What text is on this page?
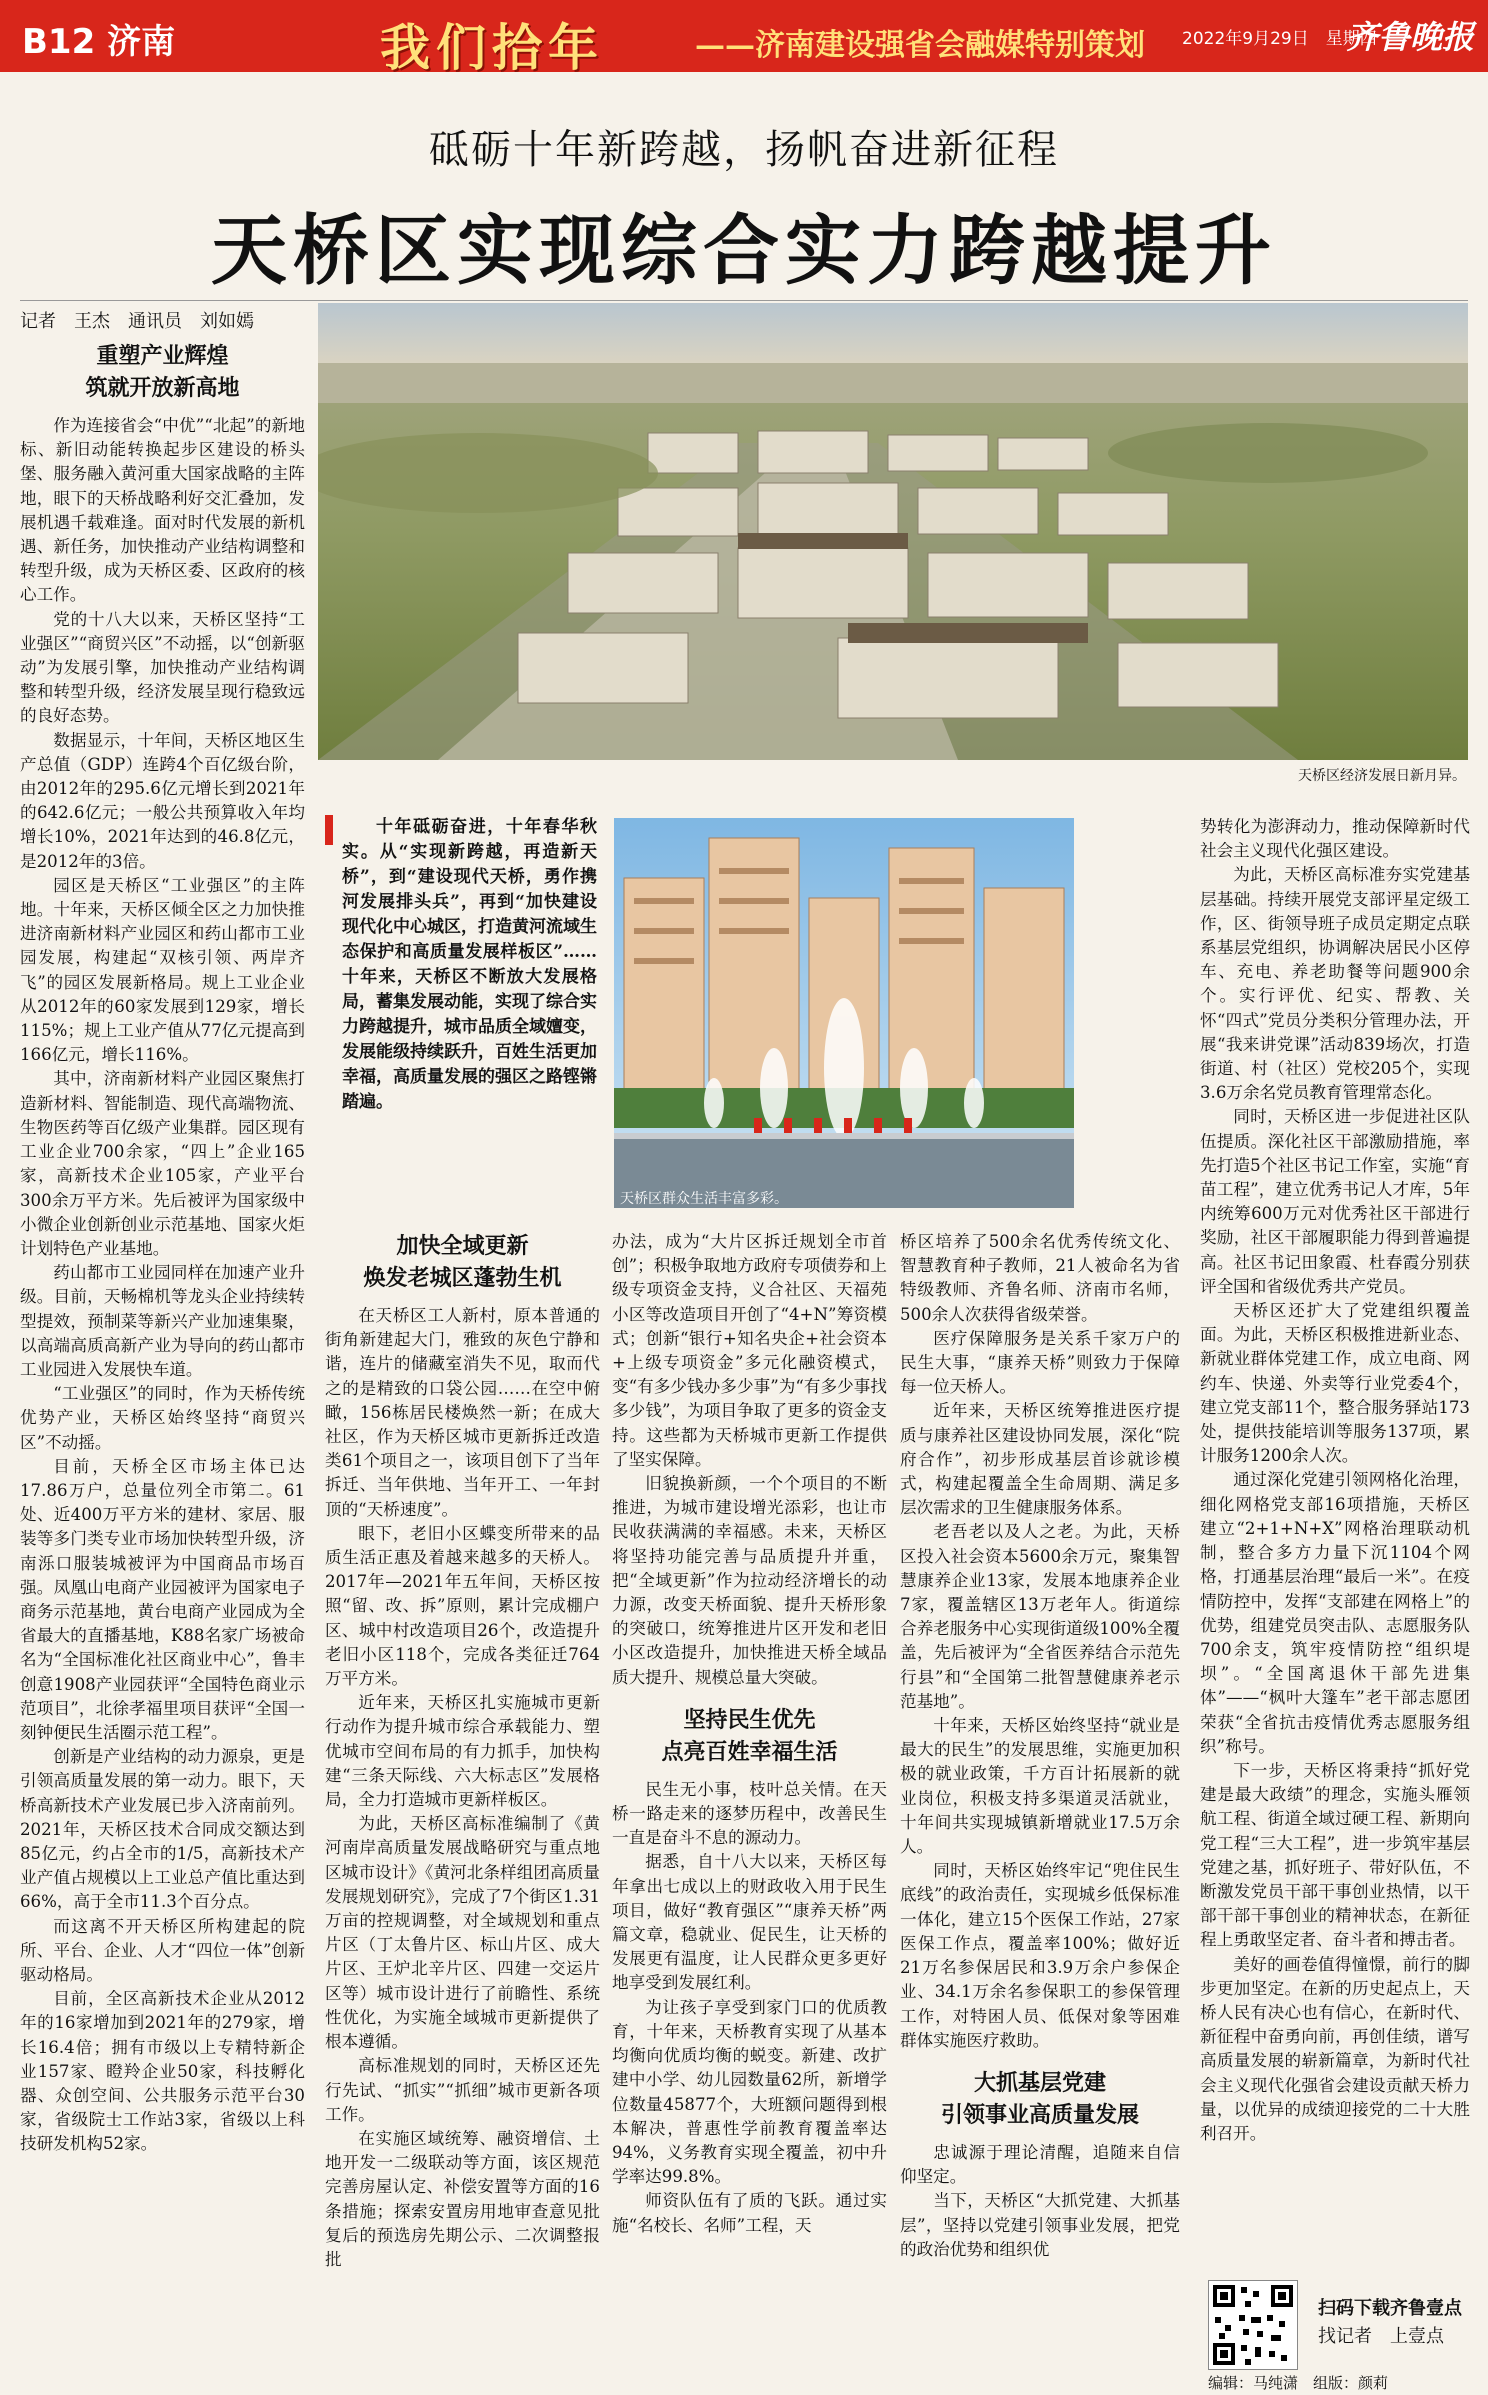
B12 济南	我们拾年	——济南建设强省会融媒特别策划 2022年9月29日　星期四
齐鲁晚报
砥砺十年新跨越，扬帆奋进新征程
天桥区实现综合实力跨越提升
记者　王杰　通讯员　刘如嫣
天桥区经济发展日新月异。
天桥区群众生活丰富多彩。

十年砥砺奋进，十年春华秋实。从“实现新跨越，再造新天桥”，到“建设现代天桥，勇作携河发展排头兵”，再到“加快建设现代化中心城区，打造黄河流域生态保护和高质量发展样板区”……十年来，天桥区不断放大发展格局，蓄集发展动能，实现了综合实力跨越提升，城市品质全域嬗变，发展能级持续跃升，百姓生活更加幸福，高质量发展的强区之路铿锵踏遍。

重塑产业辉煌
筑就开放新高地

作为连接省会“中优”“北起”的新地标、新旧动能转换起步区建设的桥头堡、服务融入黄河重大国家战略的主阵地，眼下的天桥战略利好交汇叠加，发展机遇千载难逢。面对时代发展的新机遇、新任务，加快推动产业结构调整和转型升级，成为天桥区委、区政府的核心工作。

党的十八大以来，天桥区坚持“工业强区”“商贸兴区”不动摇，以“创新驱动”为发展引擎，加快推动产业结构调整和转型升级，经济发展呈现行稳致远的良好态势。

数据显示，十年间，天桥区地区生产总值（GDP）连跨4个百亿级台阶，由2012年的295.6亿元增长到2021年的642.6亿元；一般公共预算收入年均增长10%，2021年达到的46.8亿元，是2012年的3倍。

园区是天桥区“工业强区”的主阵地。十年来，天桥区倾全区之力加快推进济南新材料产业园区和药山都市工业园发展，构建起“双核引领、两岸齐飞”的园区发展新格局。规上工业企业从2012年的60家发展到129家，增长115%；规上工业产值从77亿元提高到166亿元，增长116%。

其中，济南新材料产业园区聚焦打造新材料、智能制造、现代高端物流、生物医药等百亿级产业集群。园区现有工业企业700余家，“四上”企业165家，高新技术企业105家，产业平台300余万平方米。先后被评为国家级中小微企业创新创业示范基地、国家火炬计划特色产业基地。

药山都市工业园同样在加速产业升级。目前，天畅棉机等龙头企业持续转型提效，预制菜等新兴产业加速集聚，以高端高质高新产业为导向的药山都市工业园进入发展快车道。

“工业强区”的同时，作为天桥传统优势产业，天桥区始终坚持“商贸兴区”不动摇。

目前，天桥全区市场主体已达17.86万户，总量位列全市第二。61处、近400万平方米的建材、家居、服装等多门类专业市场加快转型升级，济南泺口服装城被评为中国商品市场百强。凤凰山电商产业园被评为国家电子商务示范基地，黄台电商产业园成为全省最大的直播基地，K88名家广场被命名为“全国标准化社区商业中心”，鲁丰创意1908产业园获评“全国特色商业示范项目”，北徐孝福里项目获评“全国一刻钟便民生活圈示范工程”。

创新是产业结构的动力源泉，更是引领高质量发展的第一动力。眼下，天桥高新技术产业发展已步入济南前列。2021年，天桥区技术合同成交额达到85亿元，约占全市的1/5，高新技术产业产值占规模以上工业总产值比重达到66%，高于全市11.3个百分点。

而这离不开天桥区所构建起的院所、平台、企业、人才“四位一体”创新驱动格局。

目前，全区高新技术企业从2012年的16家增加到2021年的279家，增长16.4倍；拥有市级以上专精特新企业157家、瞪羚企业50家，科技孵化器、众创空间、公共服务示范平台30家，省级院士工作站3家，省级以上科技研发机构52家。

加快全域更新
焕发老城区蓬勃生机

在天桥区工人新村，原本普通的街角新建起大门，雅致的灰色宁静和谐，连片的储藏室消失不见，取而代之的是精致的口袋公园……在空中俯瞰，156栋居民楼焕然一新；在成大社区，作为天桥区城市更新拆迁改造类61个项目之一，该项目创下了当年拆迁、当年供地、当年开工、一年封顶的“天桥速度”。

眼下，老旧小区蝶变所带来的品质生活正惠及着越来越多的天桥人。2017年—2021年五年间，天桥区按照“留、改、拆”原则，累计完成棚户区、城中村改造项目26个，改造提升老旧小区118个，完成各类征迁764万平方米。

近年来，天桥区扎实施城市更新行动作为提升城市综合承载能力、塑优城市空间布局的有力抓手，加快构建“三条天际线、六大标志区”发展格局，全力打造城市更新样板区。

为此，天桥区高标准编制了《黄河南岸高质量发展战略研究与重点地区城市设计》《黄河北条样组团高质量发展规划研究》，完成了7个街区1.31万亩的控规调整，对全域规划和重点片区（丁太鲁片区、标山片区、成大片区、王炉北辛片区、四建一交运片区等）城市设计进行了前瞻性、系统性优化，为实施全域城市更新提供了根本遵循。

高标准规划的同时，天桥区还先行先试、“抓实”“抓细”城市更新各项工作。

在实施区域统筹、融资增信、土地开发一二级联动等方面，该区规范完善房屋认定、补偿安置等方面的16条措施；探索安置房用地审查意见批复后的预选房先期公示、二次调整报批

办法，成为“大片区拆迁规划全市首创”；积极争取地方政府专项债券和上级专项资金支持，义合社区、天福苑小区等改造项目开创了“4+N”筹资模式；创新“银行+知名央企+社会资本+上级专项资金”多元化融资模式，变“有多少钱办多少事”为“有多少事找多少钱”，为项目争取了更多的资金支持。这些都为天桥城市更新工作提供了坚实保障。

旧貌换新颜，一个个项目的不断推进，为城市建设增光添彩，也让市民收获满满的幸福感。未来，天桥区将坚持功能完善与品质提升并重，把“全域更新”作为拉动经济增长的动力源，改变天桥面貌、提升天桥形象的突破口，统筹推进片区开发和老旧小区改造提升，加快推进天桥全域品质大提升、规模总量大突破。

坚持民生优先
点亮百姓幸福生活

民生无小事，枝叶总关情。在天桥一路走来的逐梦历程中，改善民生一直是奋斗不息的源动力。

据悉，自十八大以来，天桥区每年拿出七成以上的财政收入用于民生项目，做好“教育强区”“康养天桥”两篇文章，稳就业、促民生，让天桥的发展更有温度，让人民群众更多更好地享受到发展红利。

为让孩子享受到家门口的优质教育，十年来，天桥教育实现了从基本均衡向优质均衡的蜕变。新建、改扩建中小学、幼儿园数量62所，新增学位数量45877个，大班额问题得到根本解决，普惠性学前教育覆盖率达94%，义务教育实现全覆盖，初中升学率达99.8%。

师资队伍有了质的飞跃。通过实施“名校长、名师”工程，天

桥区培养了500余名优秀传统文化、智慧教育种子教师，21人被命名为省特级教师、齐鲁名师、济南市名师，500余人次获得省级荣誉。

医疗保障服务是关系千家万户的民生大事，“康养天桥”则致力于保障每一位天桥人。

近年来，天桥区统筹推进医疗提质与康养社区建设协同发展，深化“院府合作”，初步形成基层首诊就诊模式，构建起覆盖全生命周期、满足多层次需求的卫生健康服务体系。

老吾老以及人之老。为此，天桥区投入社会资本5600余万元，聚集智慧康养企业13家，发展本地康养企业7家，覆盖辖区13万老年人。街道综合养老服务中心实现街道级100%全覆盖，先后被评为“全省医养结合示范先行县”和“全国第二批智慧健康养老示范基地”。

十年来，天桥区始终坚持“就业是最大的民生”的发展思维，实施更加积极的就业政策，千方百计拓展新的就业岗位，积极支持多渠道灵活就业，十年间共实现城镇新增就业17.5万余人。

同时，天桥区始终牢记“兜住民生底线”的政治责任，实现城乡低保标准一体化，建立15个医保工作站，27家医保工作点，覆盖率100%；做好近21万名参保居民和3.9万余户参保企业、34.1万余名参保职工的参保管理工作，对特困人员、低保对象等困难群体实施医疗救助。

大抓基层党建
引领事业高质量发展

忠诚源于理论清醒，追随来自信仰坚定。

当下，天桥区“大抓党建、大抓基层”，坚持以党建引领事业发展，把党的政治优势和组织优

势转化为澎湃动力，推动保障新时代社会主义现代化强区建设。

为此，天桥区高标准夯实党建基层基础。持续开展党支部评星定级工作，区、街领导班子成员定期定点联系基层党组织，协调解决居民小区停车、充电、养老助餐等问题900余个。实行评优、纪实、帮教、关怀“四式”党员分类积分管理办法，开展“我来讲党课”活动839场次，打造街道、村（社区）党校205个，实现3.6万余名党员教育管理常态化。

同时，天桥区进一步促进社区队伍提质。深化社区干部激励措施，率先打造5个社区书记工作室，实施“育苗工程”，建立优秀书记人才库，5年内统筹600万元对优秀社区干部进行奖励，社区干部履职能力得到普遍提高。社区书记田象霞、杜春霞分别获评全国和省级优秀共产党员。

天桥区还扩大了党建组织覆盖面。为此，天桥区积极推进新业态、新就业群体党建工作，成立电商、网约车、快递、外卖等行业党委4个，建立党支部11个，整合服务驿站173处，提供技能培训等服务137项，累计服务1200余人次。

通过深化党建引领网格化治理，细化网格党支部16项措施，天桥区建立“2+1+N+X”网格治理联动机制，整合多方力量下沉1104个网格，打通基层治理“最后一米”。在疫情防控中，发挥“支部建在网格上”的优势，组建党员突击队、志愿服务队700余支，筑牢疫情防控“组织堤坝”。“全国离退休干部先进集体”——“枫叶大篷车”老干部志愿团荣获“全省抗击疫情优秀志愿服务组织”称号。

下一步，天桥区将秉持“抓好党建是最大政绩”的理念，实施头雁领航工程、街道全域过硬工程、新期向党工程“三大工程”，进一步筑牢基层党建之基，抓好班子、带好队伍，不断激发党员干部干事创业热情，以干部干部干事创业的精神状态，在新征程上勇敢坚定者、奋斗者和搏击者。

美好的画卷值得憧憬，前行的脚步更加坚定。在新的历史起点上，天桥人民有决心也有信心，在新时代、新征程中奋勇向前，再创佳绩，谱写高质量发展的崭新篇章，为新时代社会主义现代化强省会建设贡献天桥力量，以优异的成绩迎接党的二十大胜利召开。

扫码下载齐鲁壹点
找记者　上壹点
编辑：马纯潇　组版：颜莉
